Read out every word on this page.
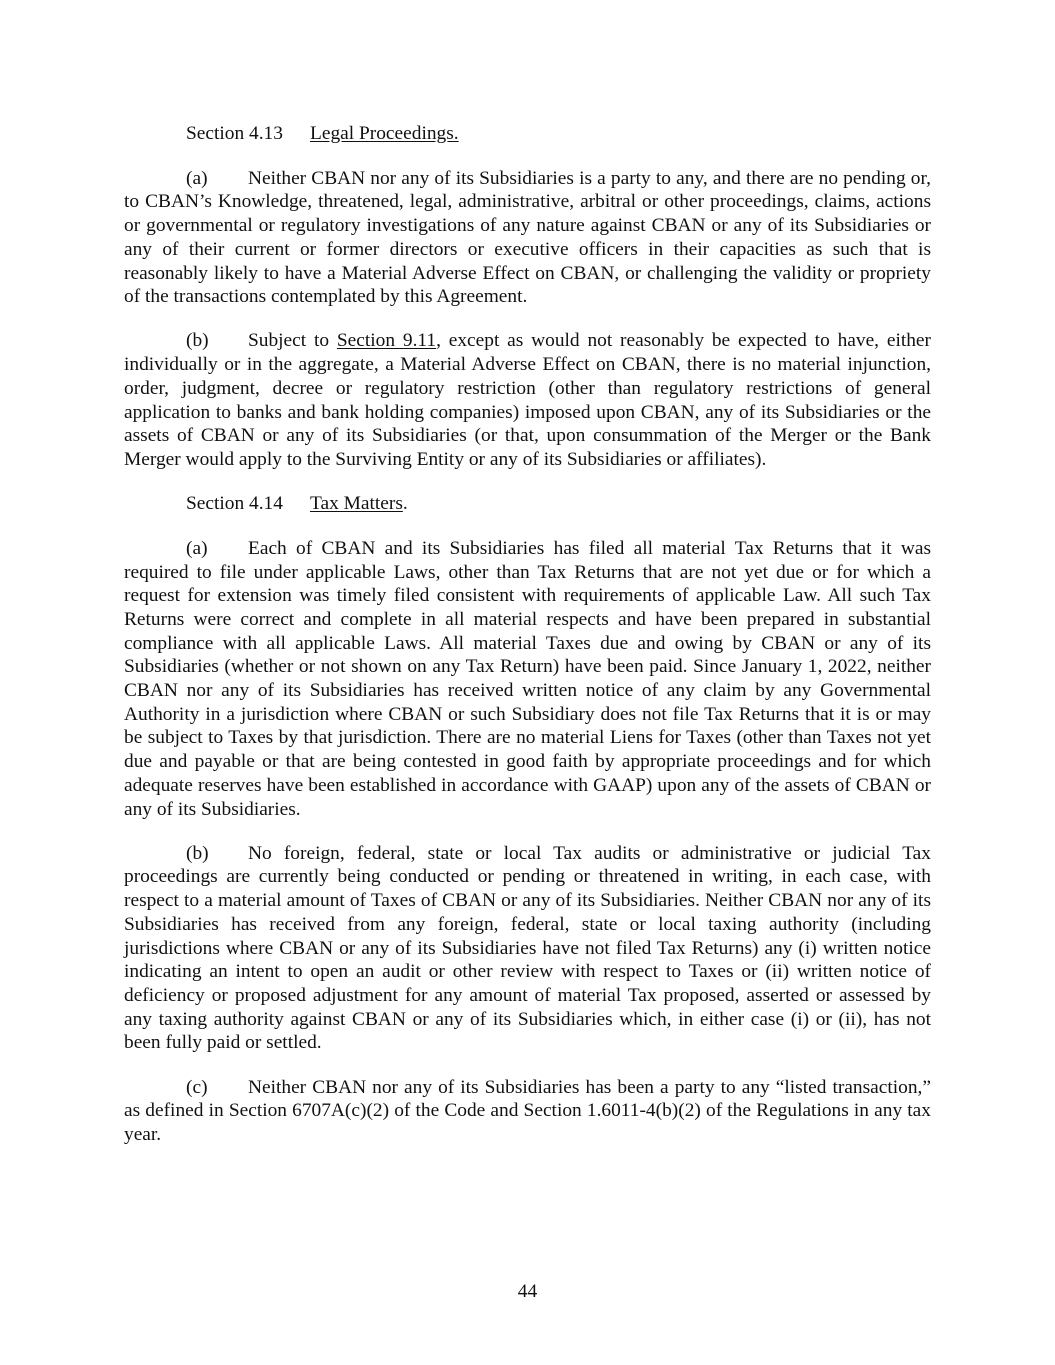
Section 4.13 Legal Proceedings.

(a) Neither CBAN nor any of its Subsidiaries is a party to any, and there are no pending or, to CBAN’s Knowledge, threatened, legal, administrative, arbitral or other proceedings, claims, actions or governmental or regulatory investigations of any nature against CBAN or any of its Subsidiaries or any of their current or former directors or executive officers in their capacities as such that is reasonably likely to have a Material Adverse Effect on CBAN, or challenging the validity or propriety of the transactions contemplated by this Agreement.

(b) Subject to Section 9.11, except as would not reasonably be expected to have, either individually or in the aggregate, a Material Adverse Effect on CBAN, there is no material injunction, order, judgment, decree or regulatory restriction (other than regulatory restrictions of general application to banks and bank holding companies) imposed upon CBAN, any of its Subsidiaries or the assets of CBAN or any of its Subsidiaries (or that, upon consummation of the Merger or the Bank Merger would apply to the Surviving Entity or any of its Subsidiaries or affiliates).

Section 4.14 Tax Matters.

(a) Each of CBAN and its Subsidiaries has filed all material Tax Returns that it was required to file under applicable Laws, other than Tax Returns that are not yet due or for which a request for extension was timely filed consistent with requirements of applicable Law. All such Tax Returns were correct and complete in all material respects and have been prepared in substantial compliance with all applicable Laws. All material Taxes due and owing by CBAN or any of its Subsidiaries (whether or not shown on any Tax Return) have been paid. Since January 1, 2022, neither CBAN nor any of its Subsidiaries has received written notice of any claim by any Governmental Authority in a jurisdiction where CBAN or such Subsidiary does not file Tax Returns that it is or may be subject to Taxes by that jurisdiction. There are no material Liens for Taxes (other than Taxes not yet due and payable or that are being contested in good faith by appropriate proceedings and for which adequate reserves have been established in accordance with GAAP) upon any of the assets of CBAN or any of its Subsidiaries.

(b) No foreign, federal, state or local Tax audits or administrative or judicial Tax proceedings are currently being conducted or pending or threatened in writing, in each case, with respect to a material amount of Taxes of CBAN or any of its Subsidiaries. Neither CBAN nor any of its Subsidiaries has received from any foreign, federal, state or local taxing authority (including jurisdictions where CBAN or any of its Subsidiaries have not filed Tax Returns) any (i) written notice indicating an intent to open an audit or other review with respect to Taxes or (ii) written notice of deficiency or proposed adjustment for any amount of material Tax proposed, asserted or assessed by any taxing authority against CBAN or any of its Subsidiaries which, in either case (i) or (ii), has not been fully paid or settled.

(c) Neither CBAN nor any of its Subsidiaries has been a party to any “listed transaction,” as defined in Section 6707A(c)(2) of the Code and Section 1.6011-4(b)(2) of the Regulations in any tax year.

44
